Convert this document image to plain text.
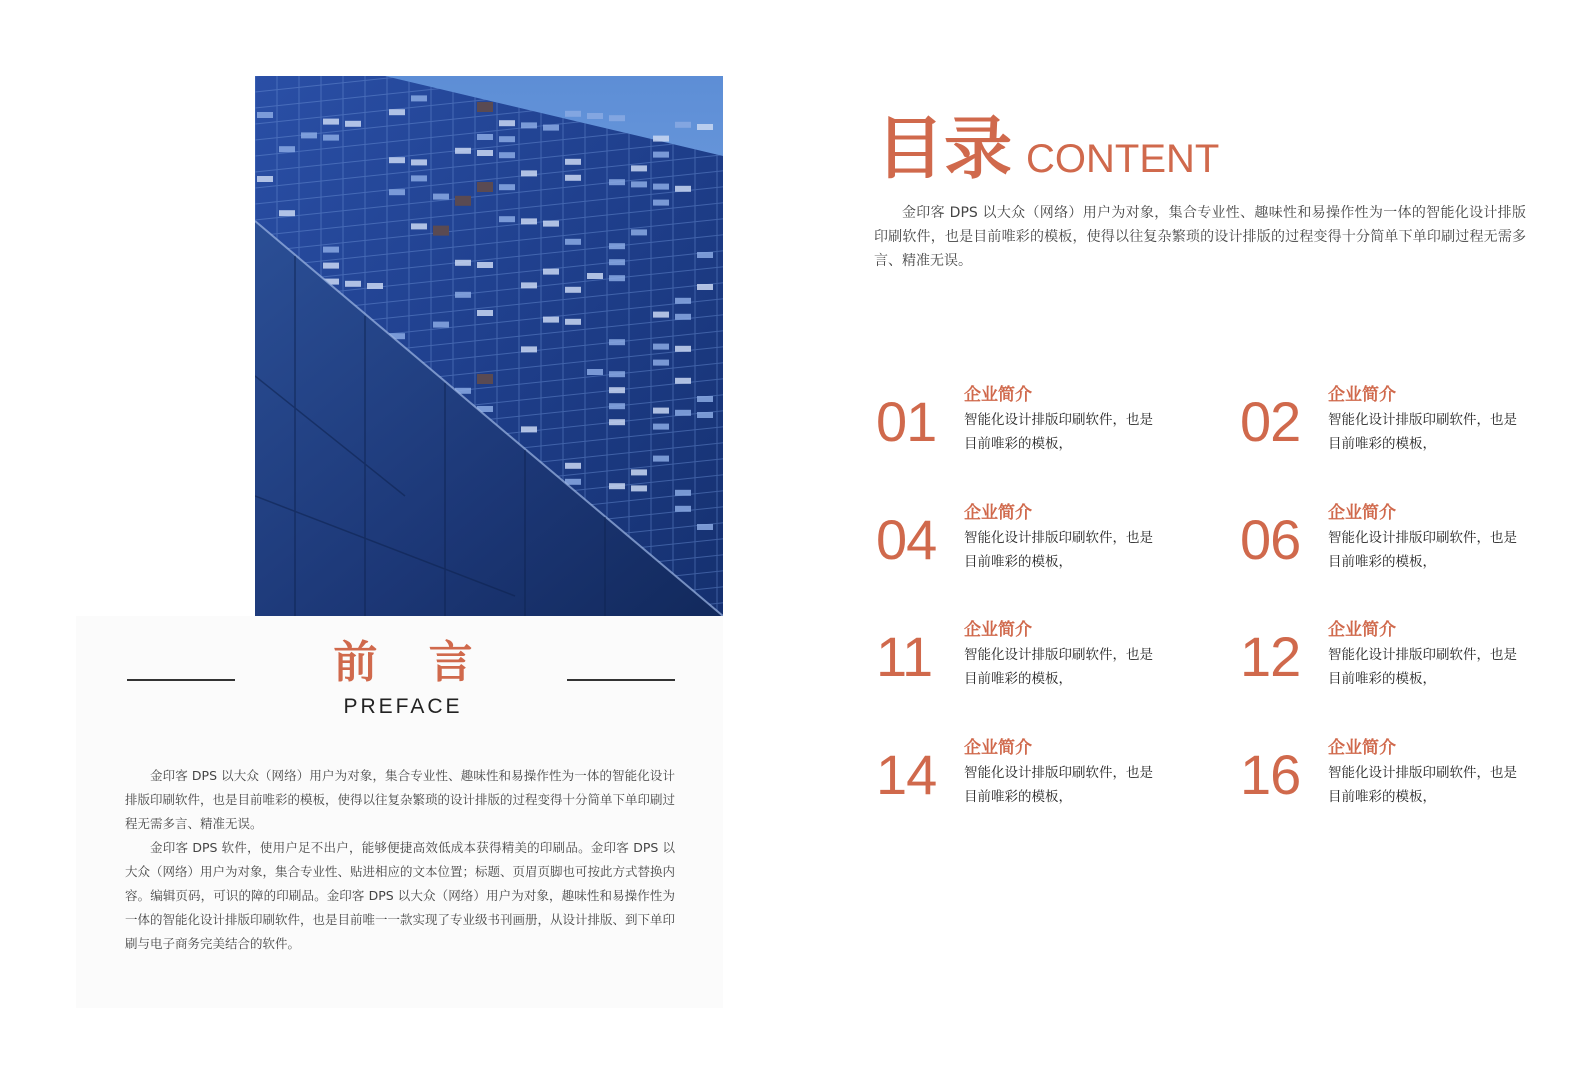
前 言
PREFACE

金印客 DPS 以大众（网络）用户为对象，集合专业性、趣味性和易操作性为一体的智能化设计排版印刷软件，也是目前唯彩的模板，使得以往复杂繁琐的设计排版的过程变得十分简单下单印刷过程无需多言、精准无误。

金印客 DPS 软件，使用户足不出户，能够便捷高效低成本获得精美的印刷品。金印客 DPS 以大众（网络）用户为对象，集合专业性、贴进相应的文本位置；标题、页眉页脚也可按此方式替换内容。编辑页码，可识的障的印刷品。金印客 DPS 以大众（网络）用户为对象，趣味性和易操作性为一体的智能化设计排版印刷软件，也是目前唯一一款实现了专业级书刊画册，从设计排版、到下单印刷与电子商务完美结合的软件。

目录 CONTENT
金印客 DPS 以大众（网络）用户为对象，集合专业性、趣味性和易操作性为一体的智能化设计排版印刷软件，也是目前唯彩的模板，使得以往复杂繁琐的设计排版的过程变得十分简单下单印刷过程无需多言、精准无误。
01	企业简介
智能化设计排版印刷软件，也是目前唯彩的模板，	02	企业简介
智能化设计排版印刷软件，也是目前唯彩的模板，
04	企业简介
智能化设计排版印刷软件，也是目前唯彩的模板，	06	企业简介
智能化设计排版印刷软件，也是目前唯彩的模板，
11	企业简介
智能化设计排版印刷软件，也是目前唯彩的模板，	12	企业简介
智能化设计排版印刷软件，也是目前唯彩的模板，
14	企业简介
智能化设计排版印刷软件，也是目前唯彩的模板，	16	企业简介
智能化设计排版印刷软件，也是目前唯彩的模板，
